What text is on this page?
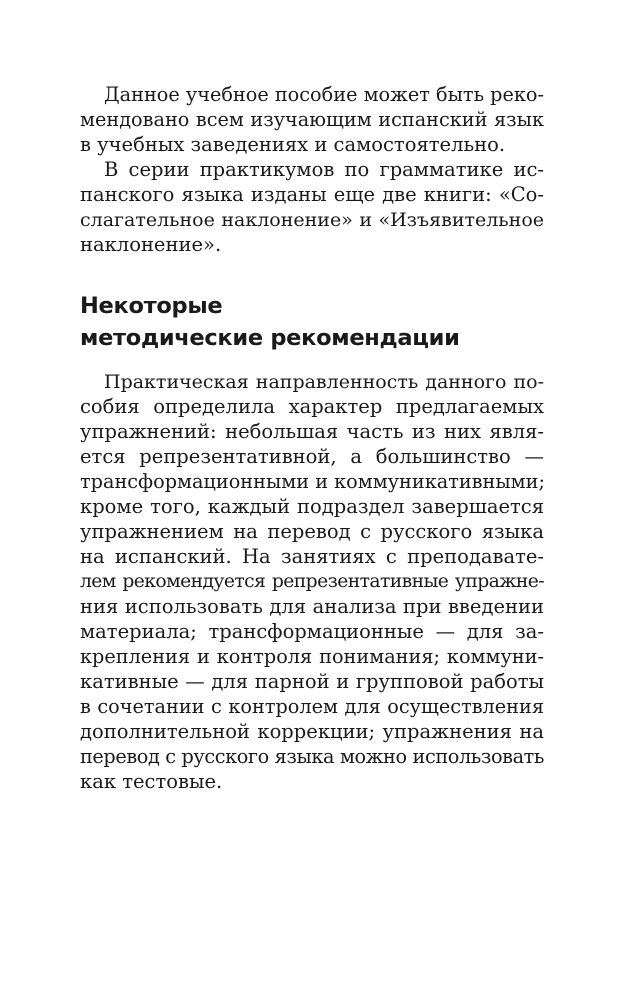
Данное учебное пособие может быть реко-
мендовано всем изучающим испанский язык
в учебных заведениях и самостоятельно.
В серии практикумов по грамматике ис-
панского языка изданы еще две книги: «Со-
слагательное наклонение» и «Изъявительное
наклонение».
Некоторые
методические рекомендации
Практическая направленность данного по-
собия определила характер предлагаемых
упражнений: небольшая часть из них явля-
ется репрезентативной, а большинство —
трансформационными и коммуникативными;
кроме того, каждый подраздел завершается
упражнением на перевод с русского языка
на испанский. На занятиях с преподавате-
лем рекомендуется репрезентативные упражне-
ния использовать для анализа при введении
материала; трансформационные — для за-
крепления и контроля понимания; коммуни-
кативные — для парной и групповой работы
в сочетании с контролем для осуществления
дополнительной коррекции; упражнения на
перевод с русского языка можно использовать
как тестовые.
